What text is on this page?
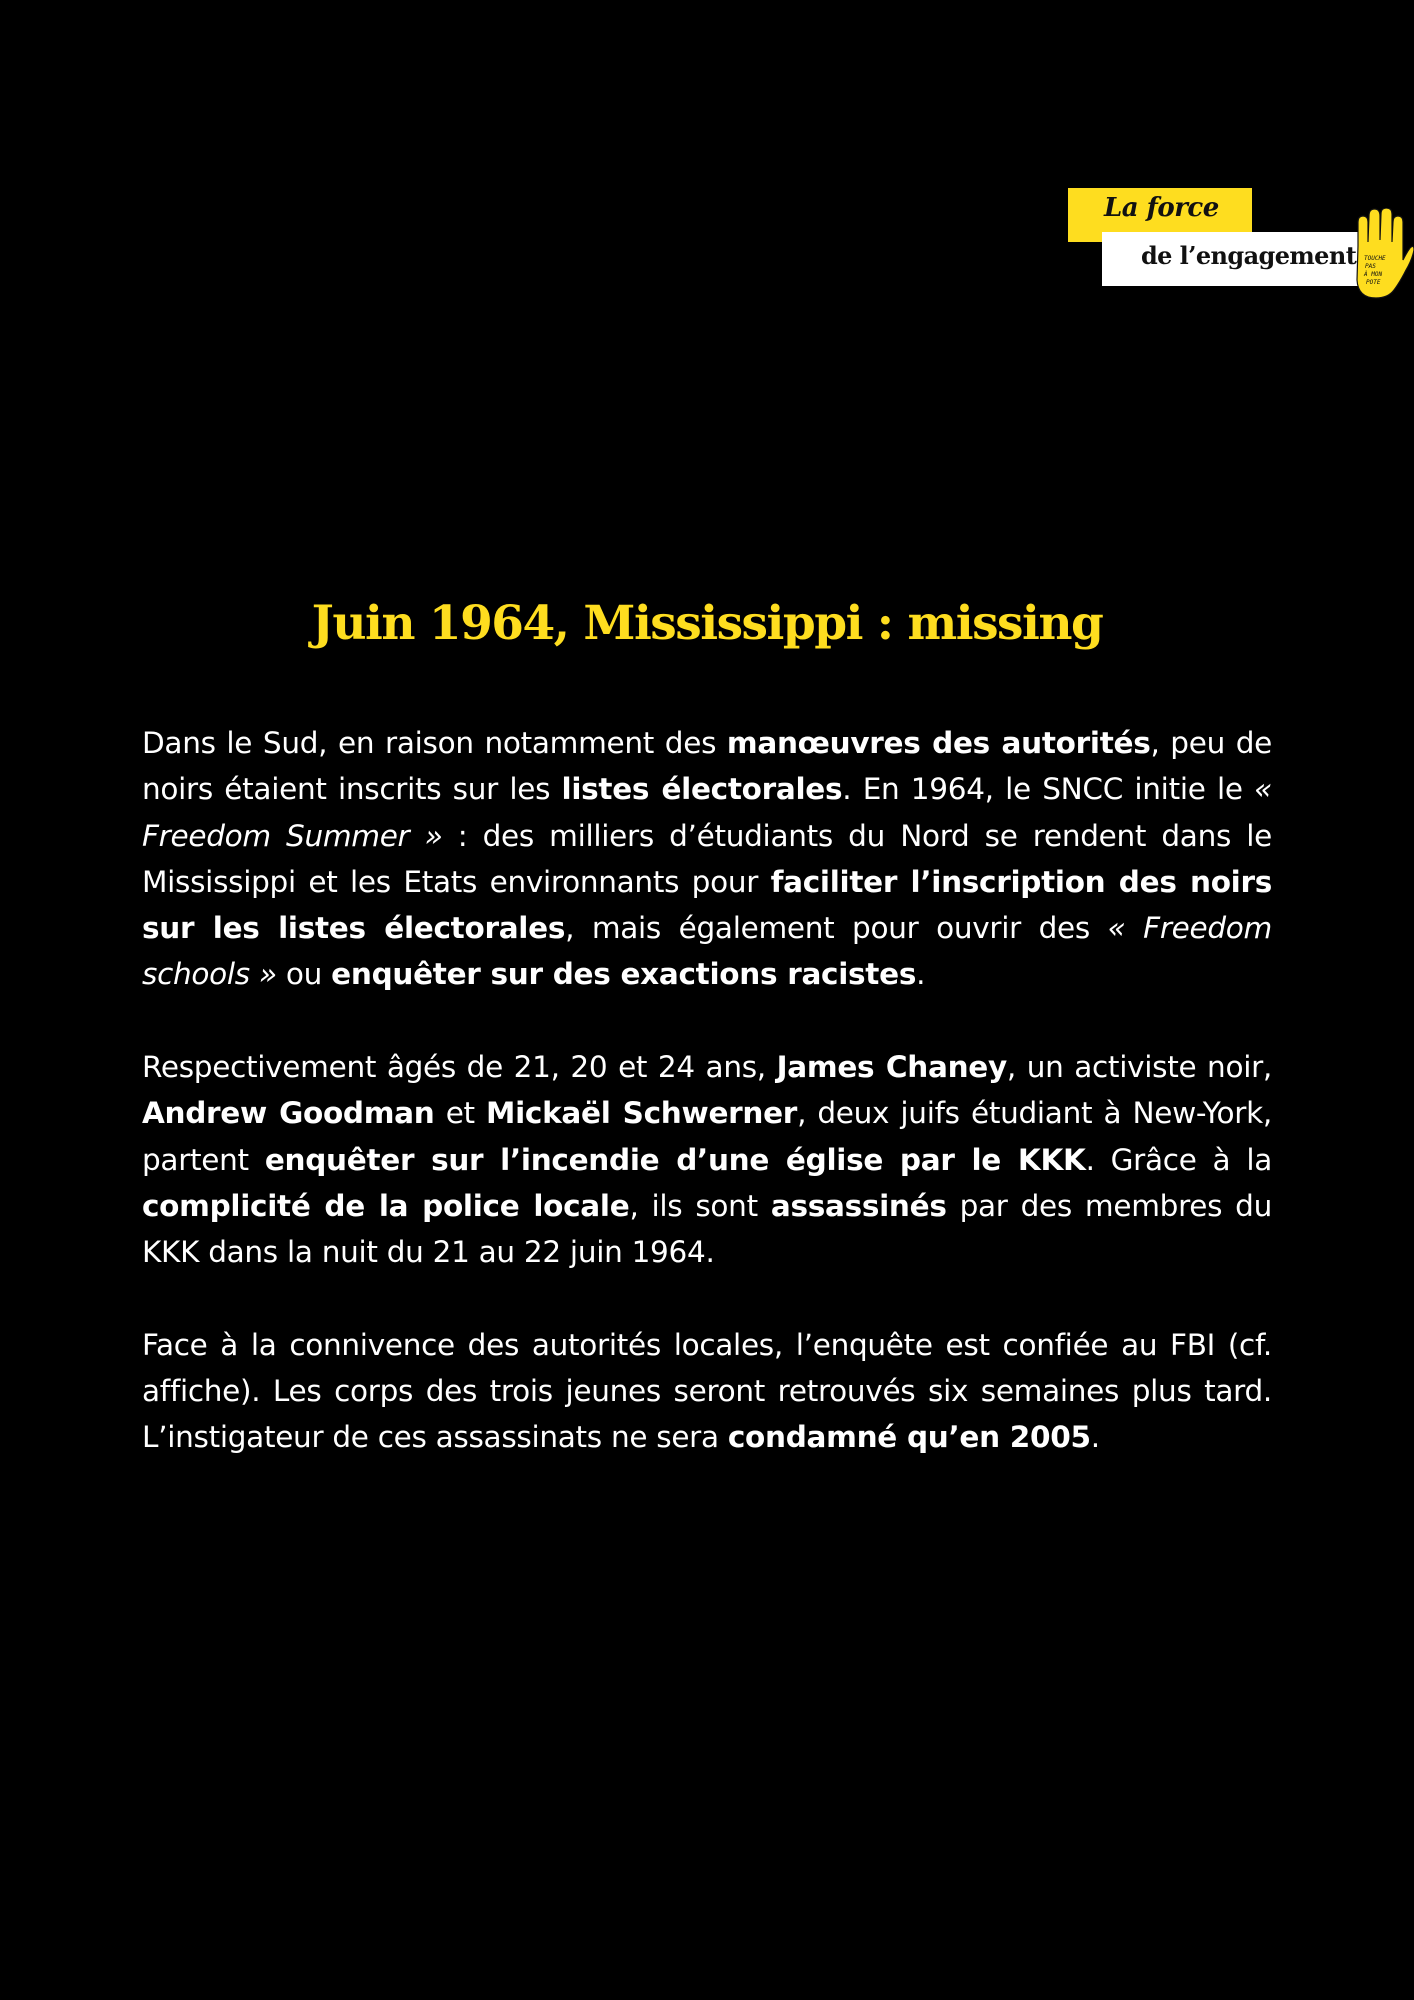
La force
de l’engagement TOUCHE
PAS
À MON
POTE
Juin 1964, Mississippi : missing

Dans le Sud, en raison notamment des manœuvres des autorités, peu de noirs étaient inscrits sur les listes électorales. En 1964, le SNCC initie le « Freedom Summer » : des milliers d’étudiants du Nord se rendent dans le Mississippi et les Etats environnants pour faciliter l’inscription des noirs sur les listes électorales, mais également pour ouvrir des « Freedom schools » ou enquêter sur des exactions racistes.

Respectivement âgés de 21, 20 et 24 ans, James Chaney, un activiste noir, Andrew Goodman et Mickaël Schwerner, deux juifs étudiant à New-York, partent enquêter sur l’incendie d’une église par le KKK. Grâce à la complicité de la police locale, ils sont assassinés par des membres du KKK dans la nuit du 21 au 22 juin 1964.

Face à la connivence des autorités locales, l’enquête est confiée au FBI (cf. affiche). Les corps des trois jeunes seront retrouvés six semaines plus tard. L’instigateur de ces assassinats ne sera condamné qu’en 2005.
